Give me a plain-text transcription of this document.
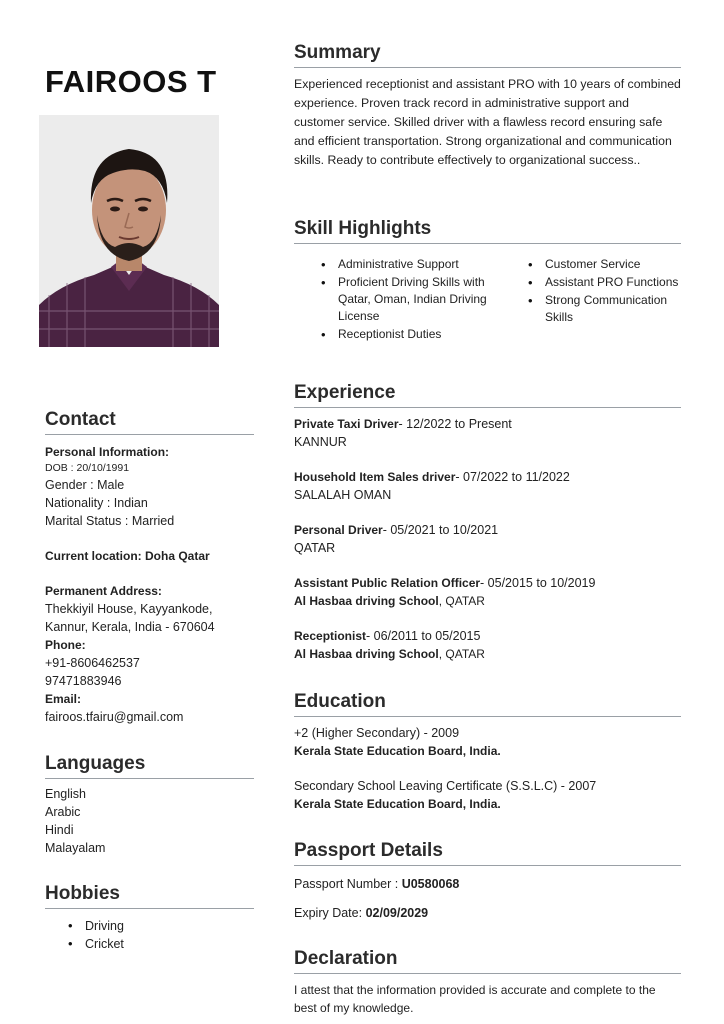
FAIROOS T
Summary
Experienced receptionist and assistant PRO with 10 years of combined experience. Proven track record in administrative support and customer service. Skilled driver with a flawless record ensuring safe and efficient transportation. Strong organizational and communication skills. Ready to contribute effectively to organizational success..
Skill Highlights
• Administrative Support
• Proficient Driving Skills with Qatar, Oman, Indian Driving License
• Receptionist Duties
• Customer Service
• Assistant PRO Functions
• Strong Communication Skills
Contact
Personal Information:
DOB : 20/10/1991
Gender : Male
Nationality : Indian
Marital Status : Married
Current location: Doha Qatar
Permanent Address:
Thekkiyil House, Kayyankode,
Kannur, Kerala, India - 670604
Phone:
+91-8606462537
97471883946
Email:
fairoos.tfairu@gmail.com
Languages
English
Arabic
Hindi
Malayalam
Hobbies
• Driving
• Cricket
Experience
Private Taxi Driver- 12/2022 to Present
KANNUR
Household Item Sales driver- 07/2022 to 11/2022
SALALAH OMAN
Personal Driver- 05/2021 to 10/2021
QATAR
Assistant Public Relation Officer- 05/2015 to 10/2019
Al Hasbaa driving School, QATAR
Receptionist- 06/2011 to 05/2015
Al Hasbaa driving School, QATAR
Education
+2 (Higher Secondary) - 2009
Kerala State Education Board, India.
Secondary School Leaving Certificate (S.S.L.C) - 2007
Kerala State Education Board, India.
Passport Details
Passport Number : U0580068
Expiry Date: 02/09/2029
Declaration
I attest that the information provided is accurate and complete to the best of my knowledge.
